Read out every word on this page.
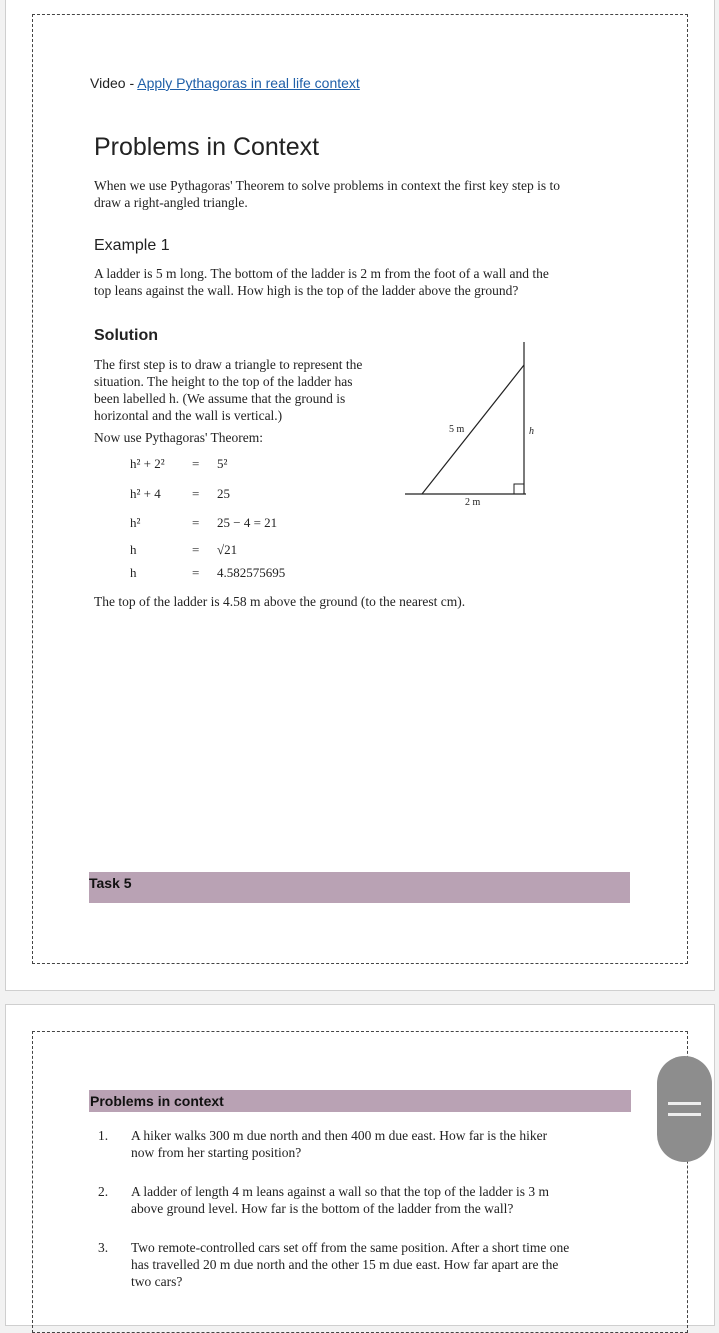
Video - Apply Pythagoras in real life context
Problems in Context
When we use Pythagoras' Theorem to solve problems in context the first key step is to draw a right-angled triangle.
Example 1
A ladder is 5 m long. The bottom of the ladder is 2 m from the foot of a wall and the top leans against the wall. How high is the top of the ladder above the ground?
Solution
The first step is to draw a triangle to represent the situation. The height to the top of the ladder has been labelled h. (We assume that the ground is horizontal and the wall is vertical.)
Now use Pythagoras' Theorem:
h² + 2² = 5²
h² + 4 = 25
h²	= 25 − 4 = 21
h	= √21
h	= 4.582575695
The top of the ladder is 4.58 m above the ground (to the nearest cm).
5 m
2 m
h
Task 5
Problems in context
1. A hiker walks 300 m due north and then 400 m due east. How far is the hiker now from her starting position?
2. A ladder of length 4 m leans against a wall so that the top of the ladder is 3 m above ground level. How far is the bottom of the ladder from the wall?
3. Two remote-controlled cars set off from the same position. After a short time one has travelled 20 m due north and the other 15 m due east. How far apart are the two cars?
